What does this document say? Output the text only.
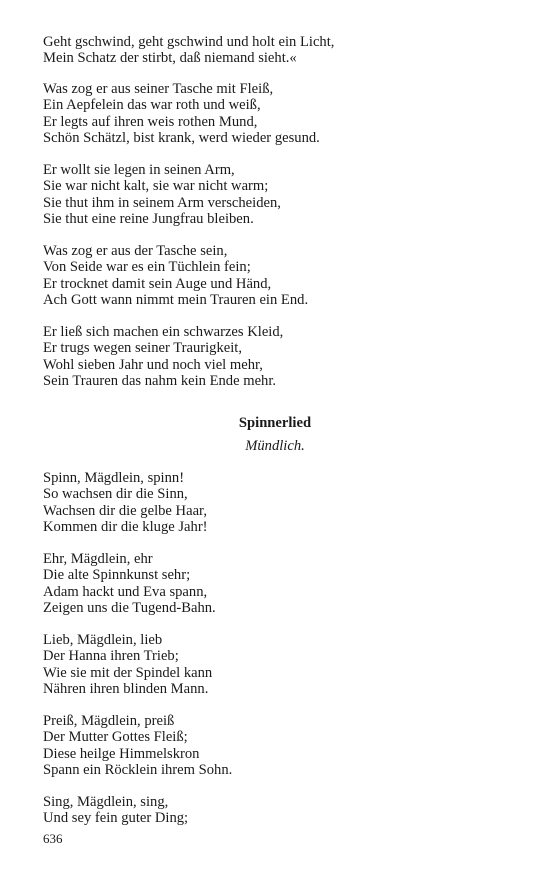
Geht gschwind, geht gschwind und holt ein Licht,
Mein Schatz der stirbt, daß niemand sieht.«
Was zog er aus seiner Tasche mit Fleiß,
Ein Aepfelein das war roth und weiß,
Er legts auf ihren weis rothen Mund,
Schön Schätzl, bist krank, werd wieder gesund.
Er wollt sie legen in seinen Arm,
Sie war nicht kalt, sie war nicht warm;
Sie thut ihm in seinem Arm verscheiden,
Sie thut eine reine Jungfrau bleiben.
Was zog er aus der Tasche sein,
Von Seide war es ein Tüchlein fein;
Er trocknet damit sein Auge und Händ,
Ach Gott wann nimmt mein Trauren ein End.
Er ließ sich machen ein schwarzes Kleid,
Er trugs wegen seiner Traurigkeit,
Wohl sieben Jahr und noch viel mehr,
Sein Trauren das nahm kein Ende mehr.
Spinnerlied
Mündlich.
Spinn, Mägdlein, spinn!
So wachsen dir die Sinn,
Wachsen dir die gelbe Haar,
Kommen dir die kluge Jahr!
Ehr, Mägdlein, ehr
Die alte Spinnkunst sehr;
Adam hackt und Eva spann,
Zeigen uns die Tugend-Bahn.
Lieb, Mägdlein, lieb
Der Hanna ihren Trieb;
Wie sie mit der Spindel kann
Nähren ihren blinden Mann.
Preiß, Mägdlein, preiß
Der Mutter Gottes Fleiß;
Diese heilge Himmelskron
Spann ein Röcklein ihrem Sohn.
Sing, Mägdlein, sing,
Und sey fein guter Ding;
636
